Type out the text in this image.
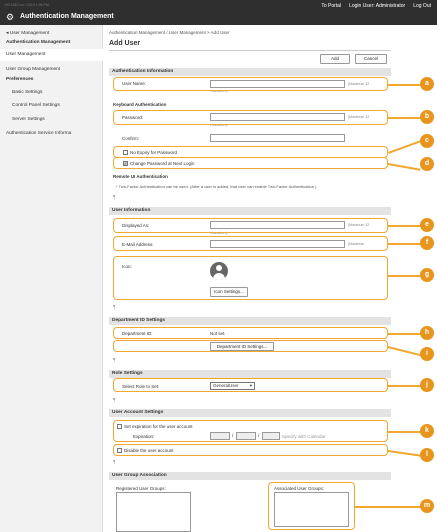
192.168.0.xx / 2019 1:06 PM
⚙ Authentication Management
To Portal Login User: Administrator Log Out
◂ User Management
Authentication Management
User Management
User Group Management
Preferences
Basic Settings
Control Panel Settings
Server Settings
Authentication Service Informa
Authentication Management / User Management > Add User
Add User
Add	Cancel
Authentication Information
User Name:	(Maximum 32
characters)
Keyboard Authentication
Password:	(Maximum 32
characters)
Confirm:
No Expiry for Password
✓ Change Password at Next Login
Remote UI Authentication
* Two-Factor Authentication can be used. (After a user is added, that user can enable Two-Factor Authentication.)
⤒
User Information
Displayed As:	(Maximum 32
characters)
E-Mail Address:	(Maximum
Icon:
Icon Settings...
⤒
Department ID Settings
Department ID:	Not set.
Department ID Settings...
⤒
Role Settings
Select Role to Set:	GeneralUser ▾
⤒
User Account Settings
Set expiration for the user account
Expiration:	/	/	Specify with Calendar
Disable the user account
⤒
User Group Association
Registered User Groups:	Associated User Groups:
a
b
c
d
e
f
g
h
i
j
k
l
m
